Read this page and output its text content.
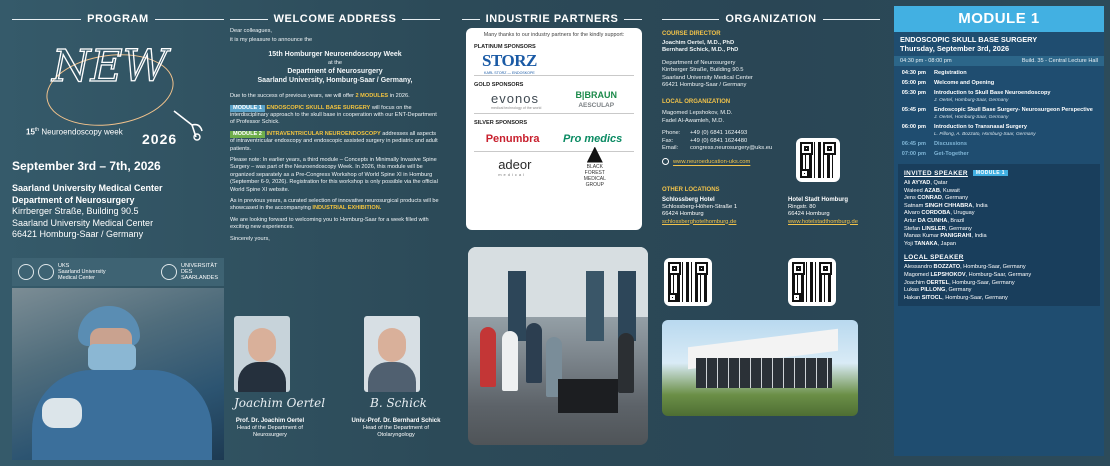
PROGRAM
NEW
15th Neuroendoscopy week 2026
September 3rd – 7th, 2026
Saarland University Medical Center
Department of Neurosurgery
Kirrberger Straße, Building 90.5
Saarland University Medical Center
66421 Homburg-Saar / Germany
UKS
Saarland University
Medical Center
UNIVERSITÄT
DES
SAARLANDES
WELCOME ADDRESS

Dear colleagues,

it is my pleasure to announce the

15th Homburger Neuroendoscopy Week
at the
Department of Neurosurgery
Saarland University, Homburg-Saar / Germany,

Due to the success of previous years, we will offer 2 MODULES in 2026.

MODULE 1 ENDOSCOPIC SKULL BASE SURGERY will focus on the interdisciplinary approach to the skull base in cooperation with our ENT-Department of Professor Schick.

MODULE 2 INTRAVENTRICULAR NEUROENDOSCOPY addresses all aspects of intraventricular endoscopy and endoscopic assisted surgery in pediatric and adult patients.

Please note: In earlier years, a third module – Concepts in Minimally Invasive Spine Surgery – was part of the Neuroendoscopy Week. In 2026, this module will be organized separately as a Pre-Congress Workshop of World Spine XI in Homburg (September 6-9, 2026). Registration for this workshop is only possible via the official World Spine XI website.

As in previous years, a curated selection of innovative neurosurgical products will be showcased in the accompanying INDUSTRIAL EXHIBITION.

We are looking forward to welcoming you to Homburg-Saar for a week filled with exciting new experiences.

Sincerely yours,

Joachim Oertel	B. Schick
Prof. Dr. Joachim Oertel
Head of the Department of Neurosurgery
Univ.-Prof. Dr. Bernhard Schick
Head of the Department of Otolaryngology
INDUSTRIE PARTNERS
Many thanks to our industry partners for the kindly support:
PLATINUM SPONSORS
STORZ
KARL STORZ — ENDOSKOPE
GOLD SPONSORS
evonos
medical technology of the world
B|BRAUN
AESCULAP
SILVER SPONSORS
Penumbra Pro medics
adeor
medical
BLACK FOREST MEDICAL GROUP
ORGANIZATION
COURSE DIRECTOR
Joachim Oertel, M.D., PhD
Bernhard Schick, M.D., PhD
Department of Neurosurgery
Kirrberger Straße, Building 90.5
Saarland University Medical Center
66421 Homburg-Saar / Germany
LOCAL ORGANIZATION
Magomed Lepshokov, M.D.
Fadel Al-Awamleh, M.D.
Phone:	+49 (0) 6841 1624493
Fax:	+49 (0) 6841 1624480
Email:	congress.neurosurgery@uks.eu
www.neuroeducation-uks.com
OTHER LOCATIONS
Schlossberg Hotel
Schlossberg-Höhen-Straße 1
66424 Homburg
schlossberghotelhomburg.de
Hotel Stadt Homburg
Ringstr. 80
66424 Homburg
www.hotelstadthomburg.de
MODULE 1
ENDOSCOPIC SKULL BASE SURGERY
Thursday, September 3rd, 2026
04:30 pm - 08:00 pm	Build. 35 - Central Lecture Hall
04:30 pm	Registration
05:00 pm	Welcome and Opening
05:30 pm	Introduction to Skull Base Neuroendoscopy
J. Oertel, Homburg-Saar, Germany
05:45 pm	Endoscopic Skull Base Surgery- Neurosurgeon Perspective
J. Oertel, Homburg-Saar, Germany
06:00 pm	Introduction to Transnasal Surgery
L. Pillong, A. Bozzato, Homburg-Saar, Germany
06:45 pm	Discussions
07:00 pm	Get-Together
INVITED SPEAKER MODULE 1
Ali AYYAD, Qatar
Waleed AZAB, Kuwait
Jens CONRAD, Germany
Satnam SINGH CHHABRA, India
Alvaro CORDOBA, Uruguay
Artur DA CUNHA, Brazil
Stefan LINSLER, Germany
Manas Kumar PANIGRAHI, India
Yoji TANAKA, Japan
LOCAL SPEAKER
Alessandro BOZZATO, Homburg-Saar, Germany
Magomed LEPSHOKOV, Homburg-Saar, Germany
Joachim OERTEL, Homburg-Saar, Germany
Lukas PILLONG, Germany
Hakan SITOCL, Homburg-Saar, Germany
